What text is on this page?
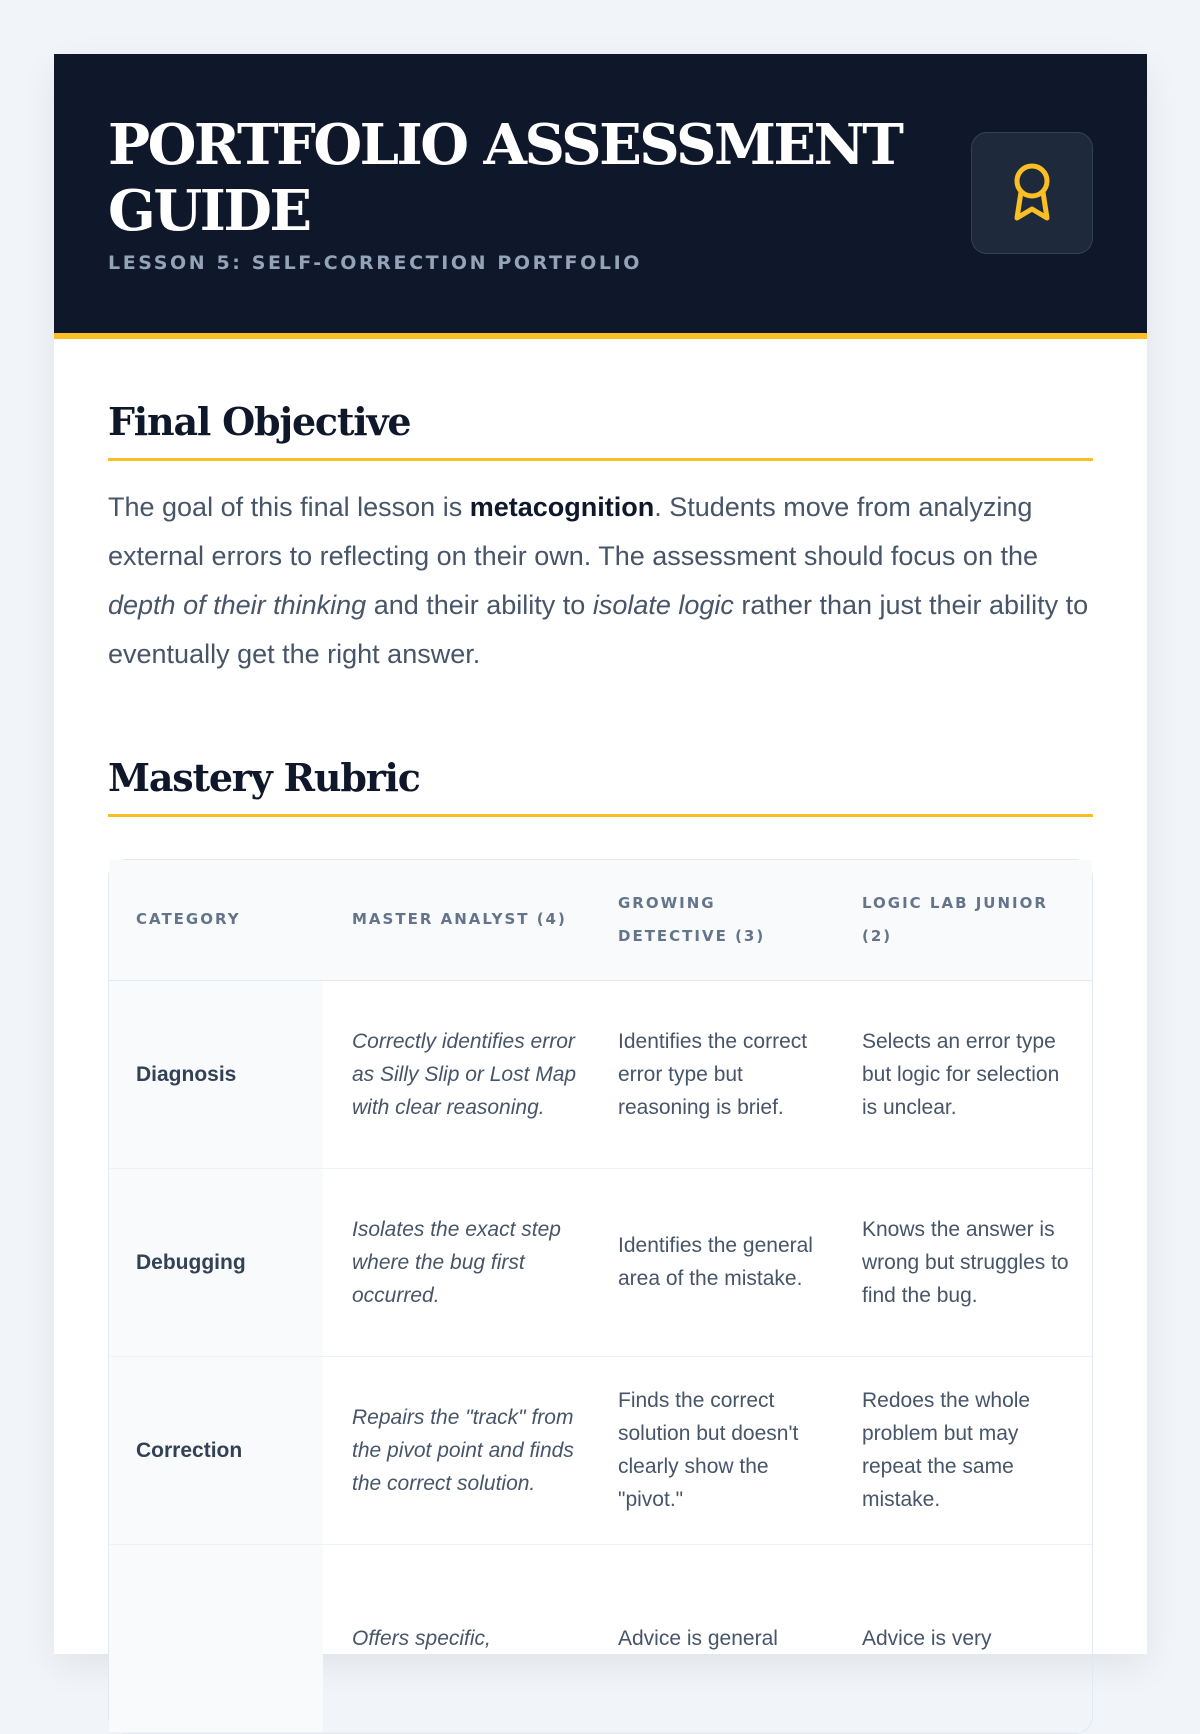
PORTFOLIO ASSESSMENT GUIDE
LESSON 5: SELF-CORRECTION PORTFOLIO
Final Objective

The goal of this final lesson is metacognition. Students move from analyzing external errors to reflecting on their own. The assessment should focus on the depth of their thinking and their ability to isolate logic rather than just their ability to eventually get the right answer.

Mastery Rubric
CATEGORY	MASTER ANALYST (4)	GROWING DETECTIVE (3)	LOGIC LAB JUNIOR (2)
Diagnosis	Correctly identifies error as Silly Slip or Lost Map with clear reasoning.	Identifies the correct error type but reasoning is brief.	Selects an error type but logic for selection is unclear.
Debugging	Isolates the exact step where the bug first occurred.	Identifies the general area of the mistake.	Knows the answer is wrong but struggles to find the bug.
Correction	Repairs the "track" from the pivot point and finds the correct solution.	Finds the correct solution but doesn't clearly show the "pivot."	Redoes the whole problem but may repeat the same mistake.
	Offers specific,	Advice is general	Advice is very
